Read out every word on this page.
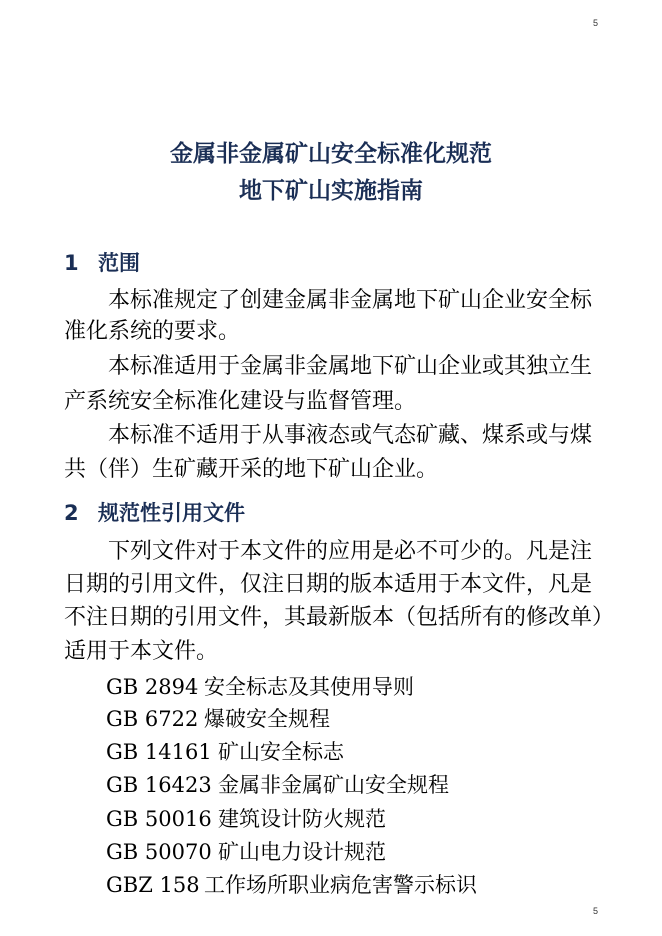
5
金属非金属矿山安全标准化规范
地下矿山实施指南
1 范围
本标准规定了创建金属非金属地下矿山企业安全标
准化系统的要求。
本标准适用于金属非金属地下矿山企业或其独立生
产系统安全标准化建设与监督管理。
本标准不适用于从事液态或气态矿藏、煤系或与煤
共（伴）生矿藏开采的地下矿山企业。
2 规范性引用文件
下列文件对于本文件的应用是必不可少的。凡是注
日期的引用文件，仅注日期的版本适用于本文件，凡是
不注日期的引用文件，其最新版本（包括所有的修改单）
适用于本文件。
GB 2894 安全标志及其使用导则
GB 6722 爆破安全规程
GB 14161 矿山安全标志
GB 16423 金属非金属矿山安全规程
GB 50016 建筑设计防火规范
GB 50070 矿山电力设计规范
GBZ 158 工作场所职业病危害警示标识
5
